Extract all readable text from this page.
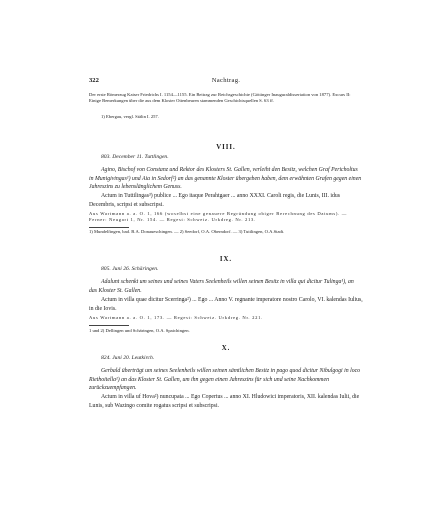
322	Nachtrag.
Der erste Römerzug Kaiser Friedrichs I. 1154—1155. Ein Beitrag zur Reichsgeschichte (Göttinger Inauguraldissertation von 1877). Excurs II: Einige Bemerkungen über die aus dem Kloster Ottenbeuren stammenden Geschichtsquellen S. 63 ff.
1) Ebergau, vergl. Stälin I. 257.
VIII.
803. December 11. Tuttlingen.
Agino, Bischof von Constanz und Rektor des Klosters St. Gallen, verleiht den Besitz, welchen Graf Pericholtus in Munigivingas¹) und Aia in Sedorf²) an das genannte Kloster übergeben haben, dem erwähnten Grafen gegen einen Jahreszins zu lebenslänglichem Genuss.
Actum in Tuttilingas³) publice ... Ego itaque Perahtgaer ... anno XXXI. Caroli regis, die Lunis, III. idus Decembris, scripsi et subscripsi.
Aus Wartmann a. a. O. 1, 166 (woselbst eine genauere Begründung obiger Berechnung des Datums). — Ferner: Neugart 1, Nr. 154. — Regest: Schweiz. Urkdreg. Nr. 213.
1) Mundelfingen, bad. B.A. Donaueschingen. — 2) Seedorf, O.A. Oberndorf. — 3) Tuttlingen, O.A.Stadt.
IX.
805. Juni 26. Schäringen.
Adalunt schenkt um seines und seines Vaters Seelenheils willen seinen Besitz in villa qui dicitur Tulinga¹), an das Kloster St. Gallen.
Actum in villa quae dicitur Scerringa²) ... Ego ... Anno V. regnante imperatore nostro Carolo, VI. kalendas Iulius, in die Iovis.
Aus Wartmann a. a. O. 1, 173. — Regest: Schweiz. Urkdreg. Nr. 221.
1 und 2) Dellingen und Schäringen, O.A. Spaichingen.
X.
824. Juni 20. Leutkirch.
Gerbald überträgt um seines Seelenheils willen seinen sämtlichen Besitz in pago quod dicitur Nibulgogi in loco Riethoitella¹) an das Kloster St. Gallen, um ihn gegen einen Jahreszins für sich und seine Nachkommen zurückzuempfangen.
Actum in villa uf Hova²) nuncupata ... Ego Copertus ... anno XI. Hludowici imperatoris, XII. kalendas Iulii, die Lunis, sub Wazingo comite rogatus scripsi et subscripsi.
